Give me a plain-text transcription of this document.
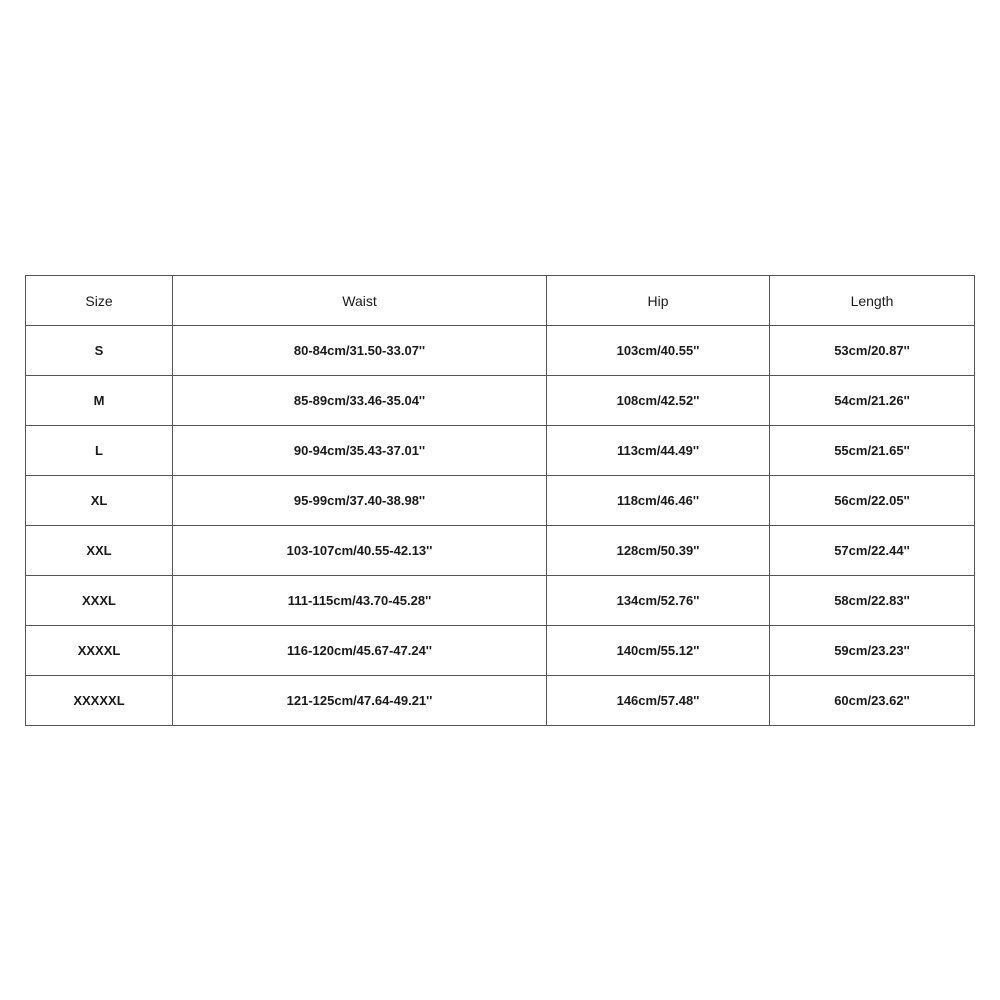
Size	Waist	Hip	Length
S	80-84cm/31.50-33.07''	103cm/40.55''	53cm/20.87''
M	85-89cm/33.46-35.04''	108cm/42.52''	54cm/21.26''
L	90-94cm/35.43-37.01''	113cm/44.49''	55cm/21.65''
XL	95-99cm/37.40-38.98''	118cm/46.46''	56cm/22.05''
XXL	103-107cm/40.55-42.13''	128cm/50.39''	57cm/22.44''
XXXL	111-115cm/43.70-45.28''	134cm/52.76''	58cm/22.83''
XXXXL	116-120cm/45.67-47.24''	140cm/55.12''	59cm/23.23''
XXXXXL	121-125cm/47.64-49.21''	146cm/57.48''	60cm/23.62''
